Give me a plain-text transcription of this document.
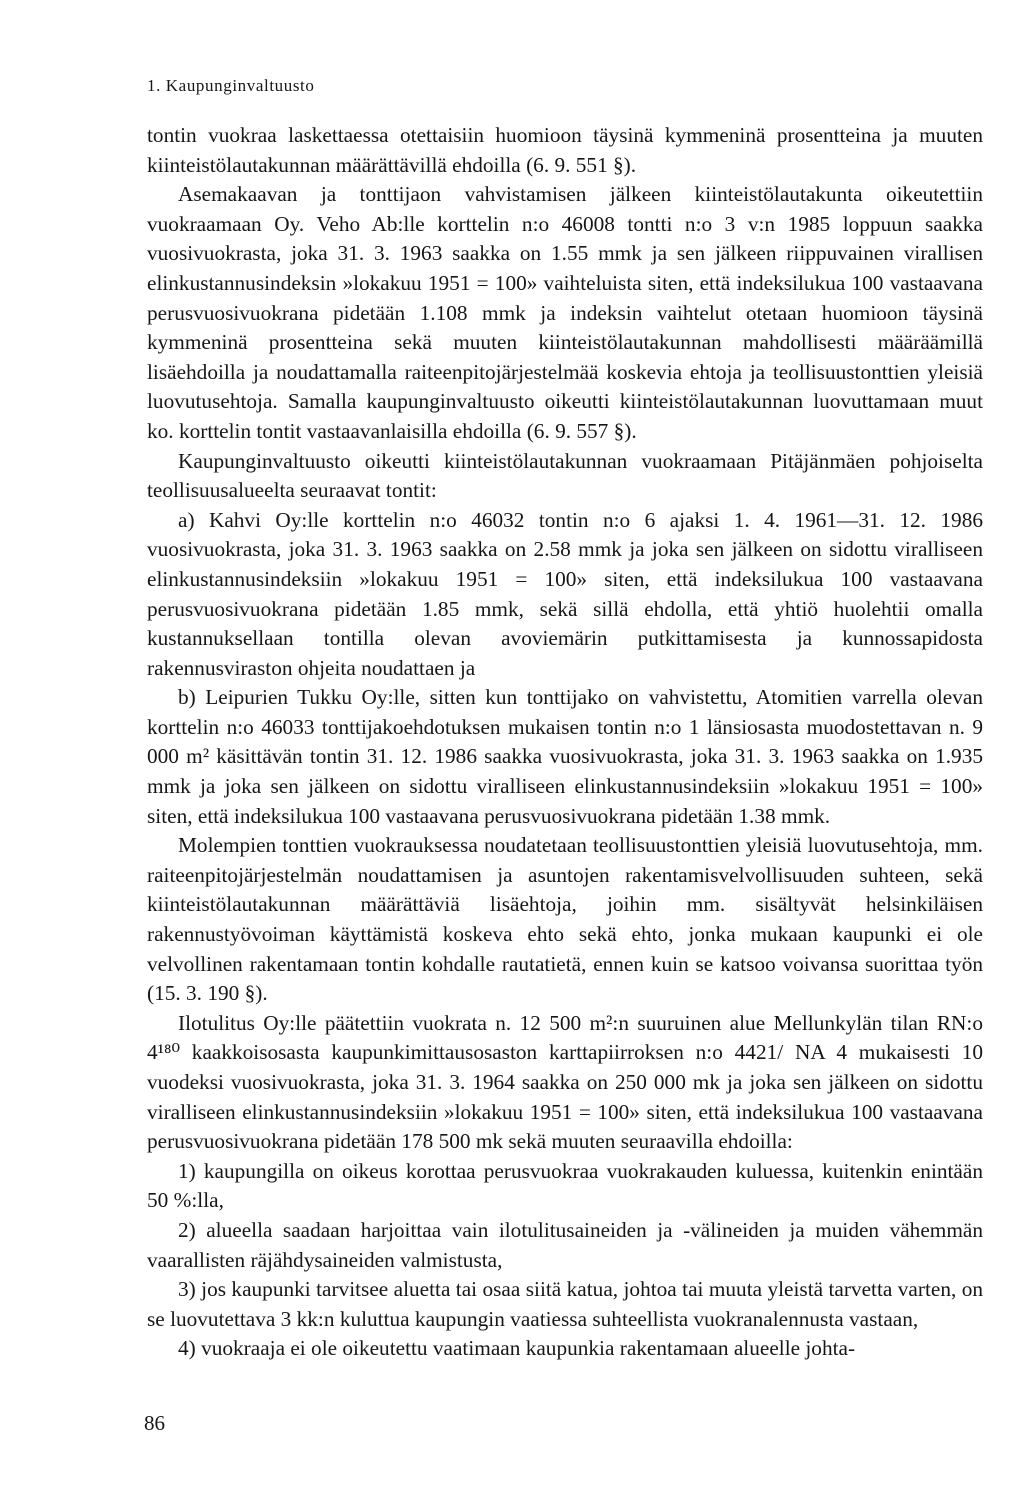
1. Kaupunginvaltuusto

tontin vuokraa laskettaessa otettaisiin huomioon täysinä kymmeninä prosentteina ja muuten kiinteistölautakunnan määrättävillä ehdoilla (6. 9. 551 §).

Asemakaavan ja tonttijaon vahvistamisen jälkeen kiinteistölautakunta oikeutettiin vuokraamaan Oy. Veho Ab:lle korttelin n:o 46008 tontti n:o 3 v:n 1985 loppuun saakka vuosivuokrasta, joka 31. 3. 1963 saakka on 1.55 mmk ja sen jälkeen riippuvainen virallisen elinkustannusindeksin »lokakuu 1951 = 100» vaihteluista siten, että indeksilukua 100 vastaavana perusvuosivuokrana pidetään 1.108 mmk ja indeksin vaihtelut otetaan huomioon täysinä kymmeninä prosentteina sekä muuten kiinteistölautakunnan mahdollisesti määräämillä lisäehdoilla ja noudattamalla raiteenpitojärjestelmää koskevia ehtoja ja teollisuustonttien yleisiä luovutusehtoja. Samalla kaupunginvaltuusto oikeutti kiinteistölautakunnan luovuttamaan muut ko. korttelin tontit vastaavanlaisilla ehdoilla (6. 9. 557 §).

Kaupunginvaltuusto oikeutti kiinteistölautakunnan vuokraamaan Pitäjänmäen pohjoiselta teollisuusalueelta seuraavat tontit:

a) Kahvi Oy:lle korttelin n:o 46032 tontin n:o 6 ajaksi 1. 4. 1961—31. 12. 1986 vuosivuokrasta, joka 31. 3. 1963 saakka on 2.58 mmk ja joka sen jälkeen on sidottu viralliseen elinkustannusindeksiin »lokakuu 1951 = 100» siten, että indeksilukua 100 vastaavana perusvuosivuokrana pidetään 1.85 mmk, sekä sillä ehdolla, että yhtiö huolehtii omalla kustannuksellaan tontilla olevan avoviemärin putkittamisesta ja kunnossapidosta rakennusviraston ohjeita noudattaen ja

b) Leipurien Tukku Oy:lle, sitten kun tonttijako on vahvistettu, Atomitien varrella olevan korttelin n:o 46033 tonttijakoehdotuksen mukaisen tontin n:o 1 länsiosasta muodostettavan n. 9 000 m² käsittävän tontin 31. 12. 1986 saakka vuosivuokrasta, joka 31. 3. 1963 saakka on 1.935 mmk ja joka sen jälkeen on sidottu viralliseen elinkustannusindeksiin »lokakuu 1951 = 100» siten, että indeksilukua 100 vastaavana perusvuosivuokrana pidetään 1.38 mmk.

Molempien tonttien vuokrauksessa noudatetaan teollisuustonttien yleisiä luovutusehtoja, mm. raiteenpitojärjestelmän noudattamisen ja asuntojen rakentamisvelvollisuuden suhteen, sekä kiinteistölautakunnan määrättäviä lisäehtoja, joihin mm. sisältyvät helsinkiläisen rakennustyövoiman käyttämistä koskeva ehto sekä ehto, jonka mukaan kaupunki ei ole velvollinen rakentamaan tontin kohdalle rautatietä, ennen kuin se katsoo voivansa suorittaa työn (15. 3. 190 §).

Ilotulitus Oy:lle päätettiin vuokrata n. 12 500 m²:n suuruinen alue Mellunkylän tilan RN:o 4¹⁸⁰ kaakkoisosasta kaupunkimittausosaston karttapiirroksen n:o 4421/ NA 4 mukaisesti 10 vuodeksi vuosivuokrasta, joka 31. 3. 1964 saakka on 250 000 mk ja joka sen jälkeen on sidottu viralliseen elinkustannusindeksiin »lokakuu 1951 = 100» siten, että indeksilukua 100 vastaavana perusvuosivuokrana pidetään 178 500 mk sekä muuten seuraavilla ehdoilla:

1) kaupungilla on oikeus korottaa perusvuokraa vuokrakauden kuluessa, kuitenkin enintään 50 %:lla,

2) alueella saadaan harjoittaa vain ilotulitusaineiden ja -välineiden ja muiden vähemmän vaarallisten räjähdysaineiden valmistusta,

3) jos kaupunki tarvitsee aluetta tai osaa siitä katua, johtoa tai muuta yleistä tarvetta varten, on se luovutettava 3 kk:n kuluttua kaupungin vaatiessa suhteellista vuokranalennusta vastaan,

4) vuokraaja ei ole oikeutettu vaatimaan kaupunkia rakentamaan alueelle johta-

86
